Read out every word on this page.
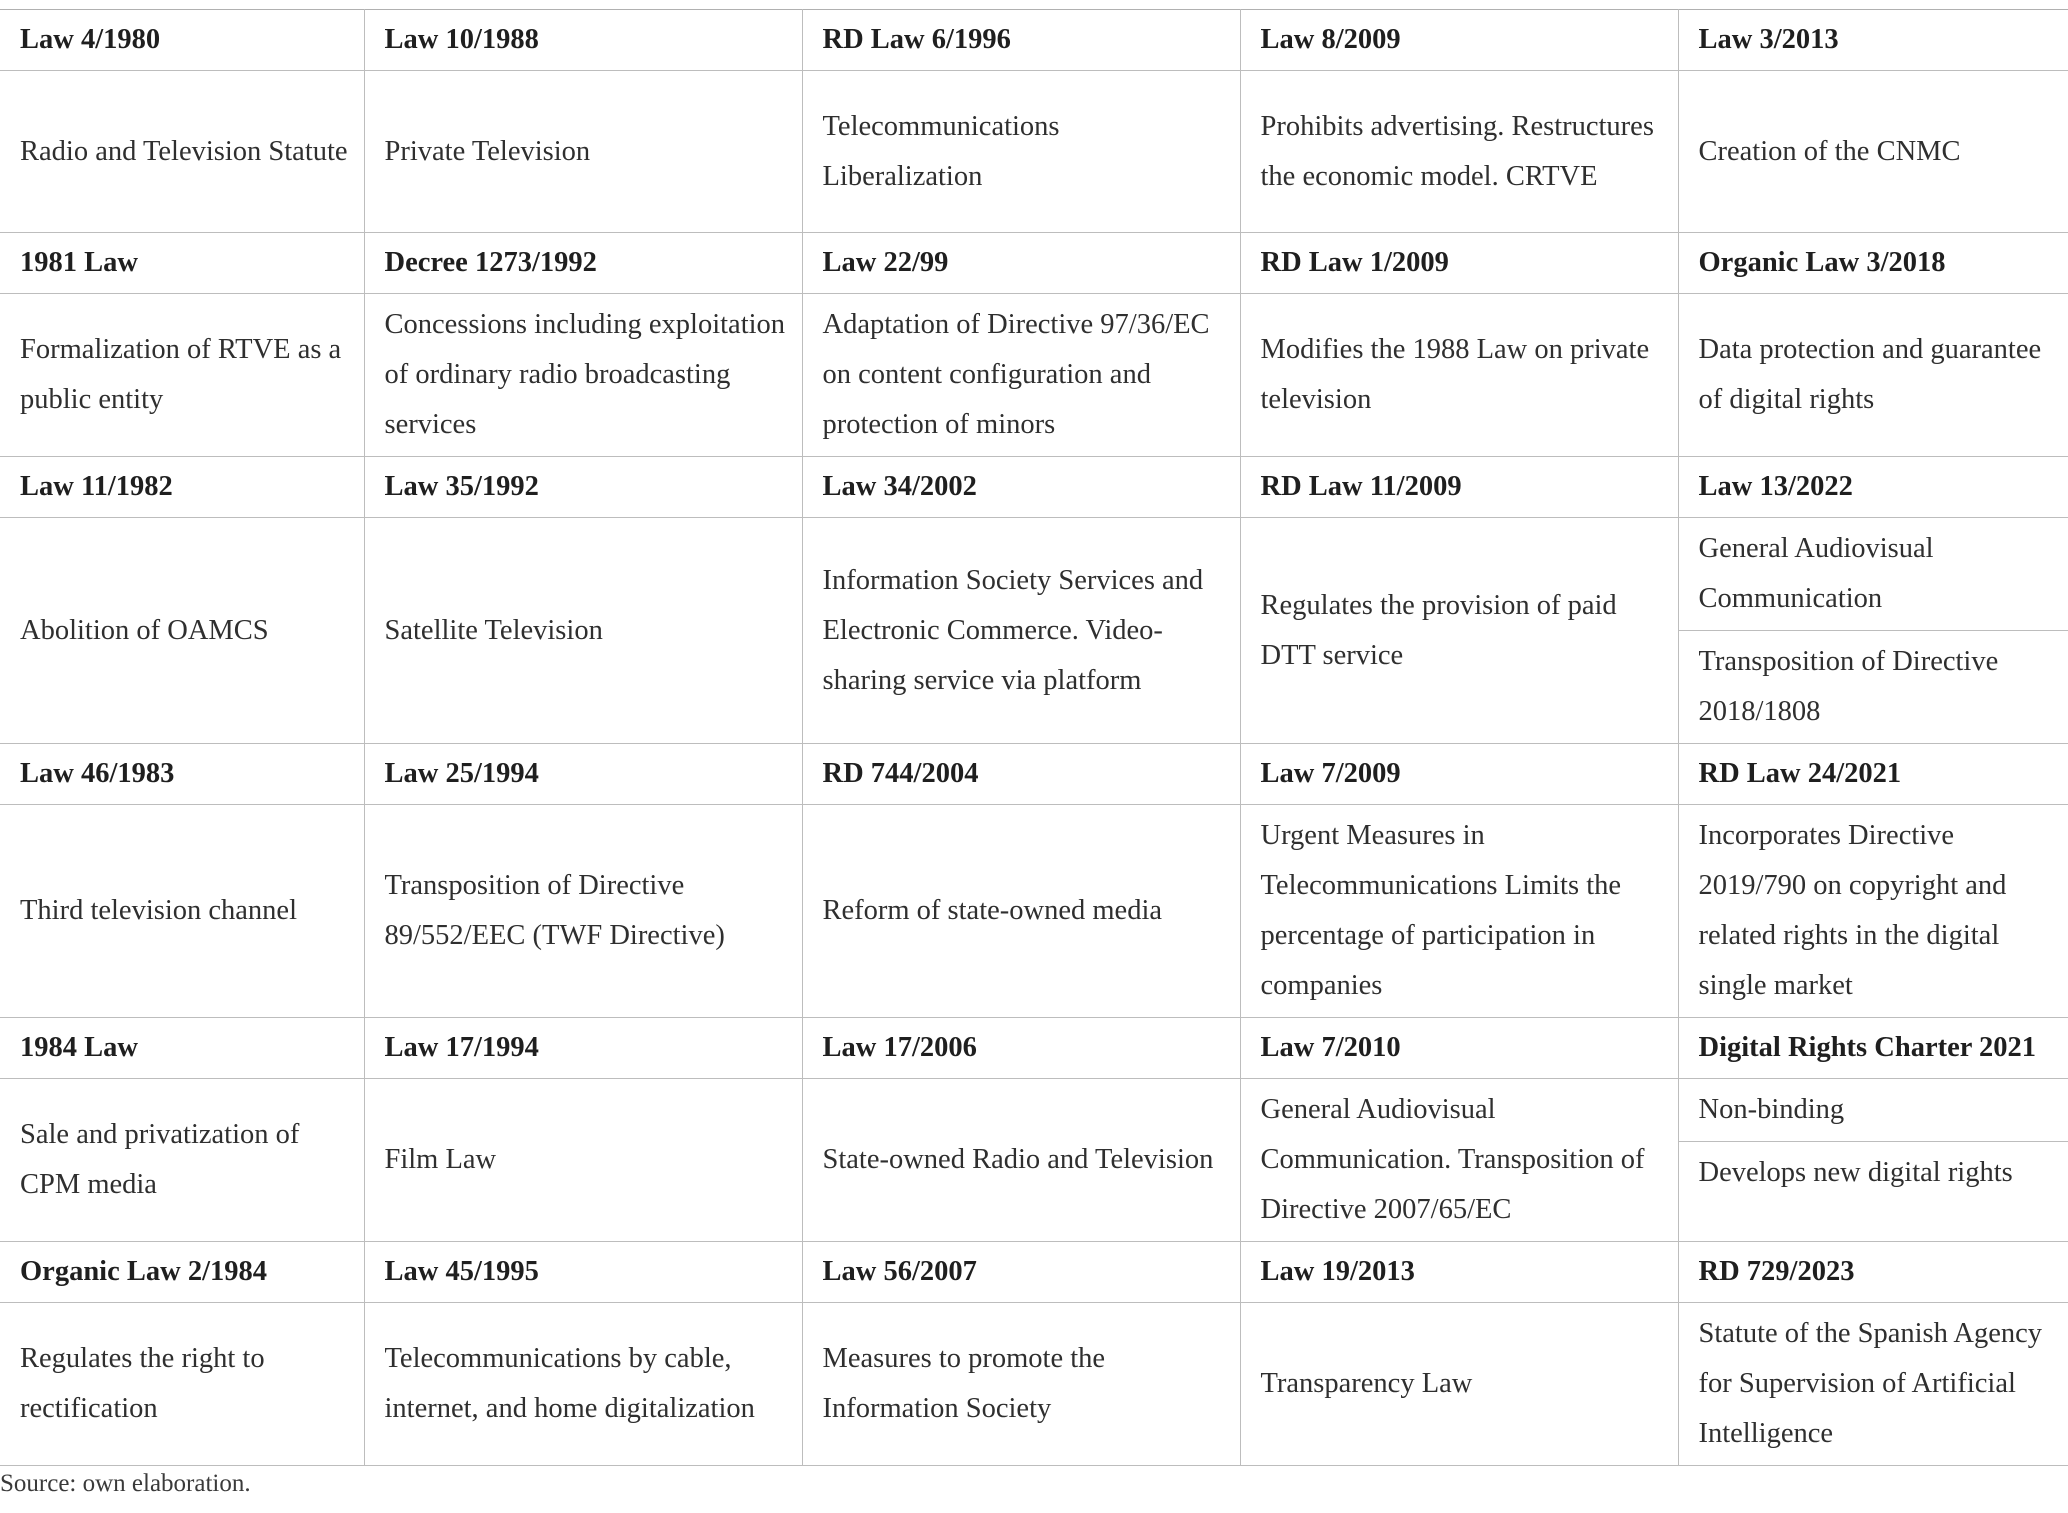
Law 4/1980	Law 10/1988	RD Law 6/1996	Law 8/2009	Law 3/2013
Radio and Television Statute	Private Television	Telecommunications Liberalization	Prohibits advertising. Restructures the economic model. CRTVE	Creation of the CNMC
1981 Law	Decree 1273/1992	Law 22/99	RD Law 1/2009	Organic Law 3/2018
Formalization of RTVE as a public entity	Concessions including exploitation of ordinary radio broadcasting services	Adaptation of Directive 97/36/EC on content configuration and protection of minors	Modifies the 1988 Law on private television	Data protection and guarantee of digital rights
Law 11/1982	Law 35/1992	Law 34/2002	RD Law 11/2009	Law 13/2022
Abolition of OAMCS	Satellite Television	Information Society Services and Electronic Commerce. Video-sharing service via platform	Regulates the provision of paid DTT service	General Audiovisual Communication
				Transposition of Directive 2018/1808
Law 46/1983	Law 25/1994	RD 744/2004	Law 7/2009	RD Law 24/2021
Third television channel	Transposition of Directive 89/552/EEC (TWF Directive)	Reform of state-owned media	Urgent Measures in Telecommunications Limits the percentage of participation in companies	Incorporates Directive 2019/790 on copyright and related rights in the digital single market
1984 Law	Law 17/1994	Law 17/2006	Law 7/2010	Digital Rights Charter 2021
Sale and privatization of CPM media	Film Law	State-owned Radio and Television	General Audiovisual Communication. Transposition of Directive 2007/65/EC	Non-binding
				Develops new digital rights
Organic Law 2/1984	Law 45/1995	Law 56/2007	Law 19/2013	RD 729/2023
Regulates the right to rectification	Telecommunications by cable, internet, and home digitalization	Measures to promote the Information Society	Transparency Law	Statute of the Spanish Agency for Supervision of Artificial Intelligence
Source: own elaboration.
